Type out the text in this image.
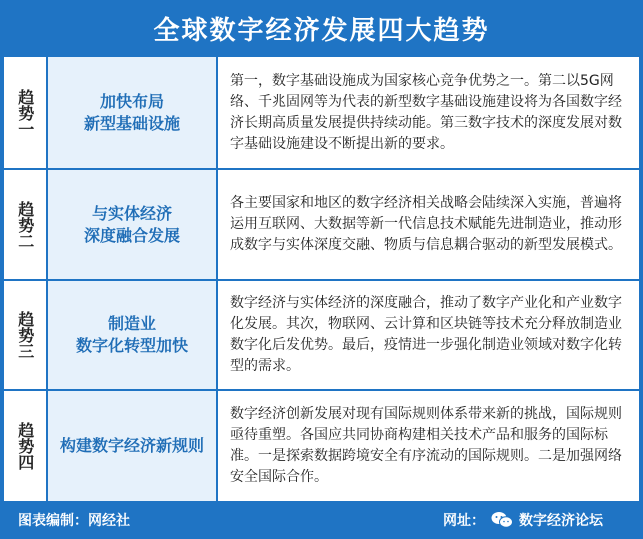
全球数字经济发展四大趋势
趋势一	加快布局
新型基础设施
第一，数字基础设施成为国家核心竞争优势之一。第二以5G网络、千兆固网等为代表的新型数字基础设施建设将为各国数字经济长期高质量发展提供持续动能。第三数字技术的深度发展对数字基础设施建设不断提出新的要求。
趋势二	与实体经济
深度融合发展
各主要国家和地区的数字经济相关战略会陆续深入实施，普遍将运用互联网、大数据等新一代信息技术赋能先进制造业，推动形成数字与实体深度交融、物质与信息耦合驱动的新型发展模式。
趋势三	制造业
数字化转型加快
数字经济与实体经济的深度融合，推动了数字产业化和产业数字化发展。其次，物联网、云计算和区块链等技术充分释放制造业数字化后发优势。最后，疫情进一步强化制造业领域对数字化转型的需求。
趋势四 构建数字经济新规则
数字经济创新发展对现有国际规则体系带来新的挑战，国际规则亟待重塑。各国应共同协商构建相关技术产品和服务的国际标准。一是探索数据跨境安全有序流动的国际规则。二是加强网络安全国际合作。
图表编制：网经社	网址： 数字经济论坛
